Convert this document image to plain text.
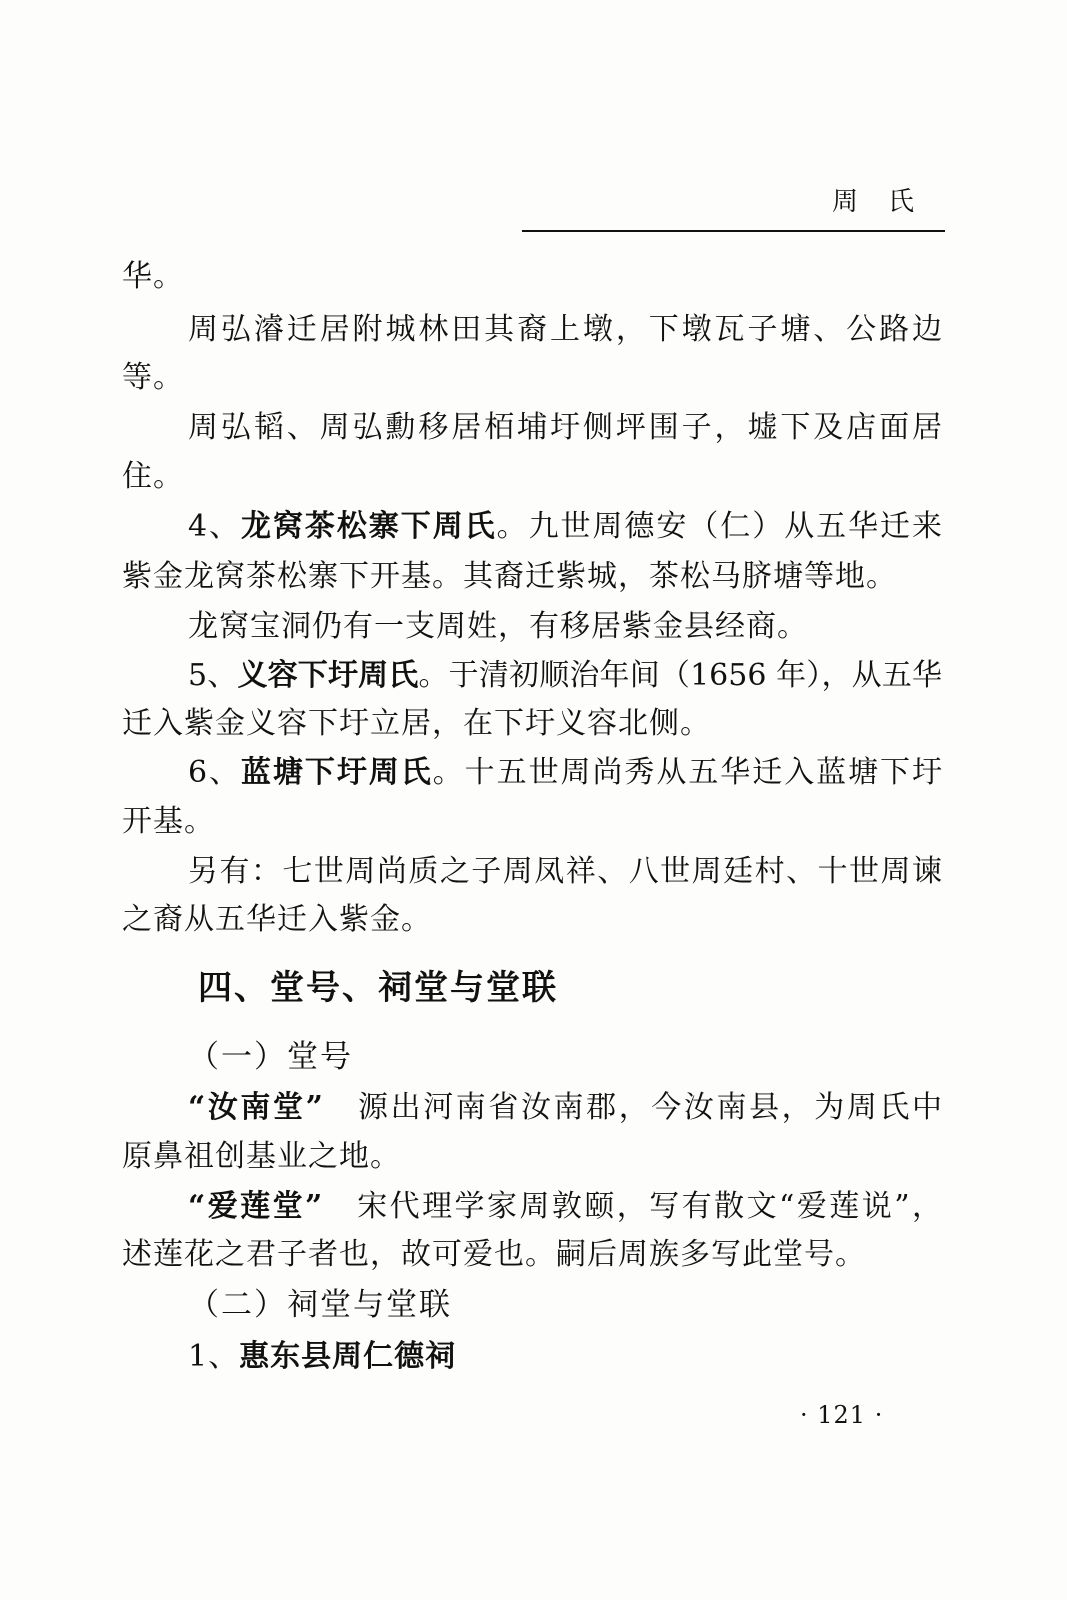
周　氏
华。
周弘濬迁居附城林田其裔上墩，下墩瓦子塘、公路边
等。
周弘韬、周弘勳移居栢埔圩侧坪围子，墟下及店面居
住。
4、龙窝茶松寨下周氏。九世周德安（仁）从五华迁来
紫金龙窝茶松寨下开基。其裔迁紫城，茶松马脐塘等地。
龙窝宝洞仍有一支周姓，有移居紫金县经商。
5、义容下圩周氏。于清初顺治年间（1656 年），从五华
迁入紫金义容下圩立居，在下圩义容北侧。
6、蓝塘下圩周氏。十五世周尚秀从五华迁入蓝塘下圩
开基。
另有：七世周尚质之子周凤祥、八世周廷村、十世周谏
之裔从五华迁入紫金。
四、堂号、祠堂与堂联
（一）堂号
“汝南堂”　源出河南省汝南郡，今汝南县，为周氏中
原鼻祖创基业之地。
“爱莲堂”　宋代理学家周敦颐，写有散文“爱莲说”，
述莲花之君子者也，故可爱也。嗣后周族多写此堂号。
（二）祠堂与堂联
1、惠东县周仁德祠
· 121 ·
